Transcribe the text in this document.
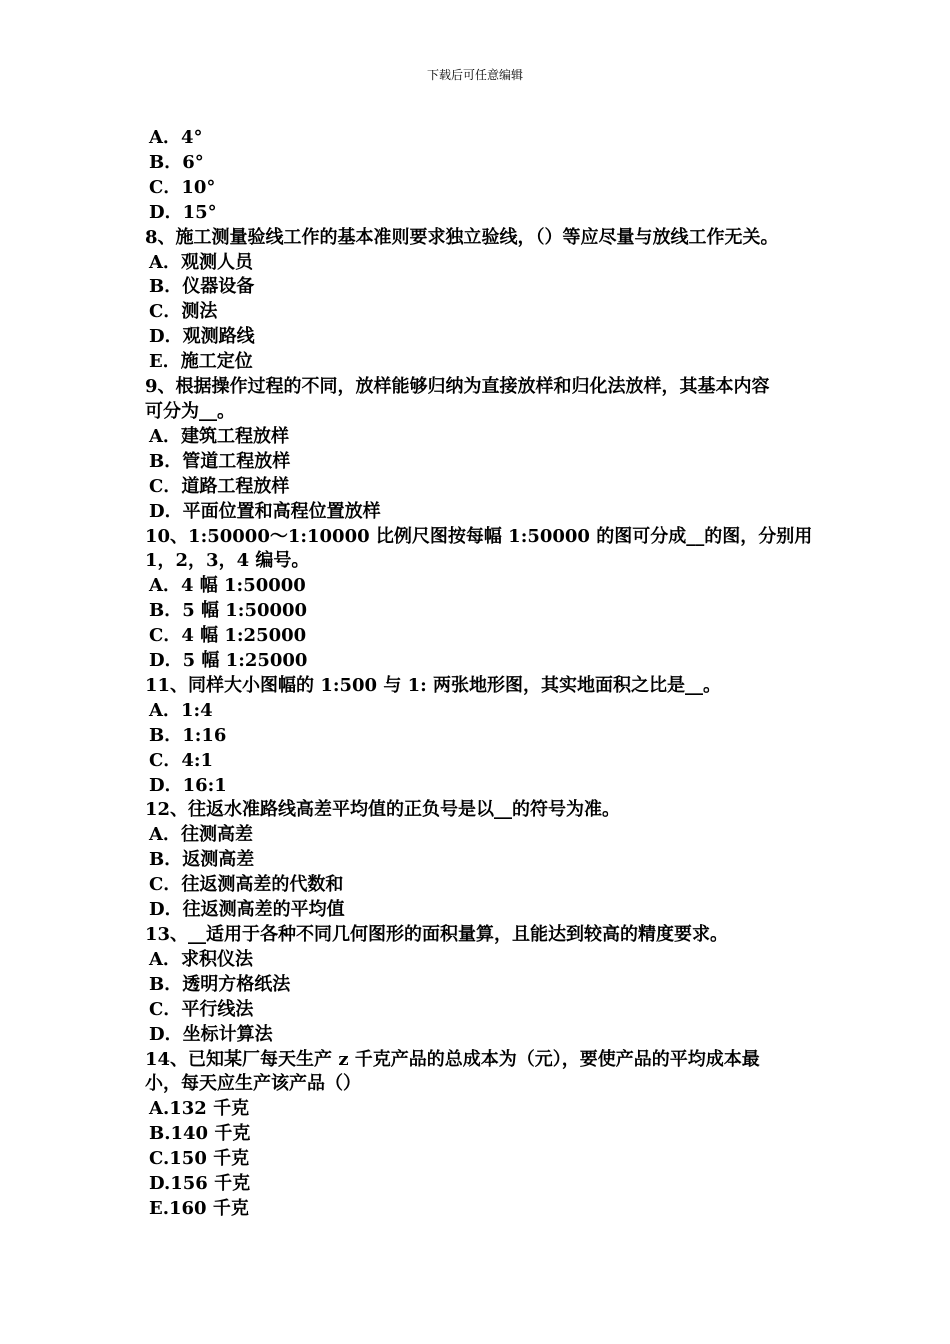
下载后可任意编辑
A．4°
B．6°
C．10°
D．15°
8、施工测量验线工作的基本准则要求独立验线，（）等应尽量与放线工作无关。
A．观测人员
B．仪器设备
C．测法
D．观测路线
E．施工定位
9、根据操作过程的不同，放样能够归纳为直接放样和归化法放样，其基本内容
可分为__。
A．建筑工程放样
B．管道工程放样
C．道路工程放样
D．平面位置和高程位置放样
10、1:50000～1:10000 比例尺图按每幅 1:50000 的图可分成__的图，分别用
1，2，3，4 编号。
A．4 幅 1:50000
B．5 幅 1:50000
C．4 幅 1:25000
D．5 幅 1:25000
11、同样大小图幅的 1:500 与 1: 两张地形图，其实地面积之比是__。
A．1:4
B．1:16
C．4:1
D．16:1
12、往返水准路线高差平均值的正负号是以__的符号为准。
A．往测高差
B．返测高差
C．往返测高差的代数和
D．往返测高差的平均值
13、__适用于各种不同几何图形的面积量算，且能达到较高的精度要求。
A．求积仪法
B．透明方格纸法
C．平行线法
D．坐标计算法
14、已知某厂每天生产 z 千克产品的总成本为（元），要使产品的平均成本最
小，每天应生产该产品（）
A.132 千克
B.140 千克
C.150 千克
D.156 千克
E.160 千克
